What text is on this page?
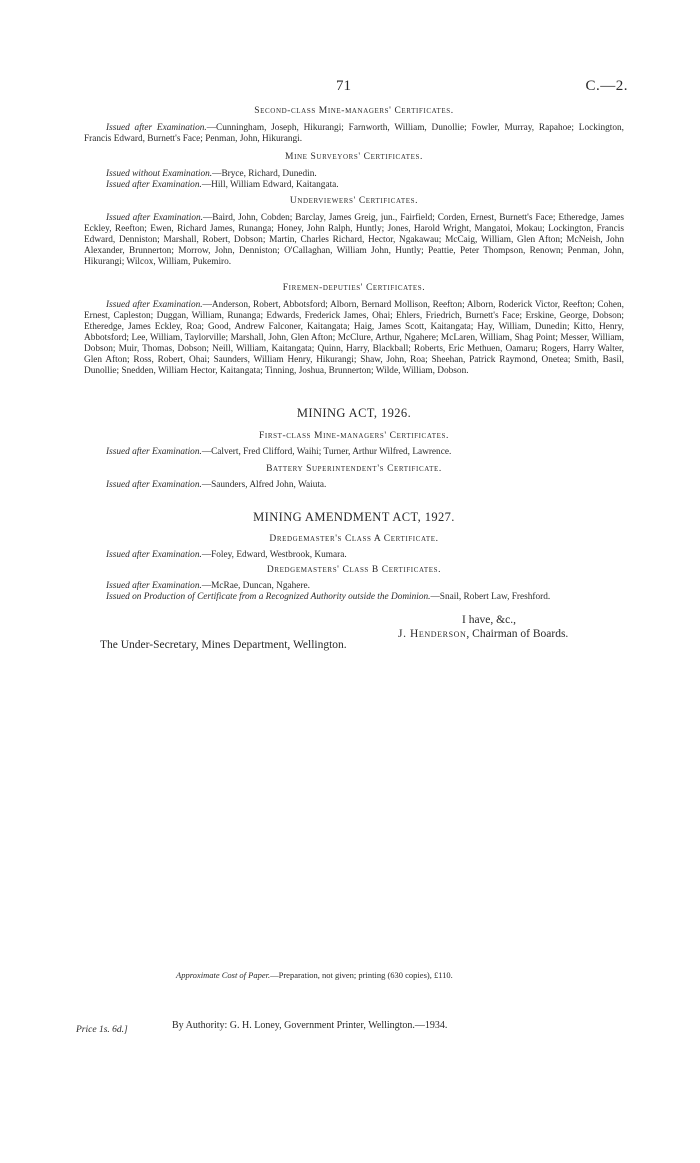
71	C.—2.

Second-class Mine-managers' Certificates.

Issued after Examination.—Cunningham, Joseph, Hikurangi; Farnworth, William, Dunollie; Fowler, Murray, Rapahoe; Lockington, Francis Edward, Burnett's Face; Penman, John, Hikurangi.

Mine Surveyors' Certificates.

Issued without Examination.—Bryce, Richard, Dunedin.

Issued after Examination.—Hill, William Edward, Kaitangata.

Underviewers' Certificates.

Issued after Examination.—Baird, John, Cobden; Barclay, James Greig, jun., Fairfield; Corden, Ernest, Burnett's Face; Etheredge, James Eckley, Reefton; Ewen, Richard James, Runanga; Honey, John Ralph, Huntly; Jones, Harold Wright, Mangatoi, Mokau; Lockington, Francis Edward, Denniston; Marshall, Robert, Dobson; Martin, Charles Richard, Hector, Ngakawau; McCaig, William, Glen Afton; McNeish, John Alexander, Brunnerton; Morrow, John, Denniston; O'Callaghan, William John, Huntly; Peattie, Peter Thompson, Renown; Penman, John, Hikurangi; Wilcox, William, Pukemiro.

Firemen-deputies' Certificates.

Issued after Examination.—Anderson, Robert, Abbotsford; Alborn, Bernard Mollison, Reefton; Alborn, Roderick Victor, Reefton; Cohen, Ernest, Capleston; Duggan, William, Runanga; Edwards, Frederick James, Ohai; Ehlers, Friedrich, Burnett's Face; Erskine, George, Dobson; Etheredge, James Eckley, Roa; Good, Andrew Falconer, Kaitangata; Haig, James Scott, Kaitangata; Hay, William, Dunedin; Kitto, Henry, Abbotsford; Lee, William, Taylorville; Marshall, John, Glen Afton; McClure, Arthur, Ngahere; McLaren, William, Shag Point; Messer, William, Dobson; Muir, Thomas, Dobson; Neill, William, Kaitangata; Quinn, Harry, Blackball; Roberts, Eric Methuen, Oamaru; Rogers, Harry Walter, Glen Afton; Ross, Robert, Ohai; Saunders, William Henry, Hikurangi; Shaw, John, Roa; Sheehan, Patrick Raymond, Onetea; Smith, Basil, Dunollie; Snedden, William Hector, Kaitangata; Tinning, Joshua, Brunnerton; Wilde, William, Dobson.

MINING ACT, 1926.

First-class Mine-managers' Certificates.

Issued after Examination.—Calvert, Fred Clifford, Waihi; Turner, Arthur Wilfred, Lawrence.

Battery Superintendent's Certificate.

Issued after Examination.—Saunders, Alfred John, Waiuta.

MINING AMENDMENT ACT, 1927.

Dredgemaster's Class A Certificate.

Issued after Examination.—Foley, Edward, Westbrook, Kumara.

Dredgemasters' Class B Certificates.

Issued after Examination.—McRae, Duncan, Ngahere.

Issued on Production of Certificate from a Recognized Authority outside the Dominion.—Snail, Robert Law, Freshford.

I have, &c.,
J. Henderson, Chairman of Boards.
The Under-Secretary, Mines Department, Wellington.
Approximate Cost of Paper.—Preparation, not given; printing (630 copies), £110.
Price 1s. 6d.]	By Authority: G. H. Loney, Government Printer, Wellington.—1934.
